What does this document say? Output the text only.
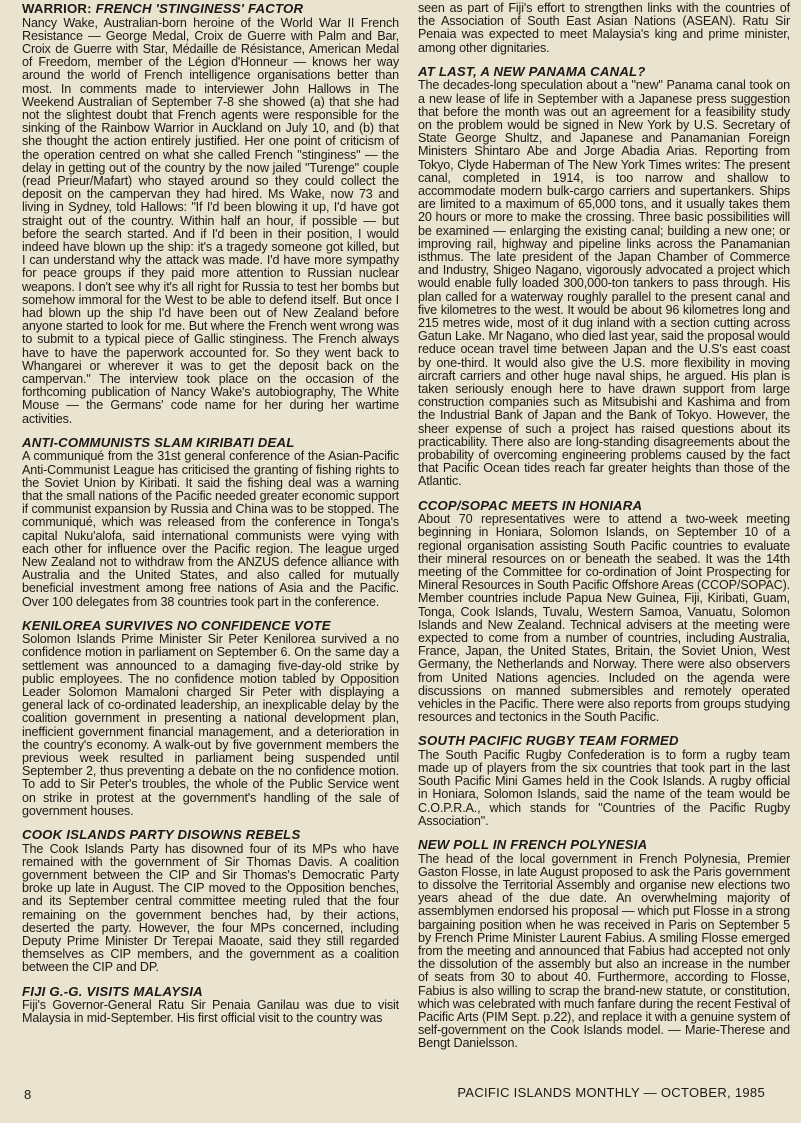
WARRIOR: FRENCH 'STINGINESS' FACTOR

Nancy Wake, Australian-born heroine of the World War II French Resistance — George Medal, Croix de Guerre with Palm and Bar, Croix de Guerre with Star, Médaille de Résistance, American Medal of Freedom, member of the Légion d'Honneur — knows her way around the world of French intelligence organisations better than most. In comments made to interviewer John Hallows in The Weekend Australian of September 7-8 she showed (a) that she had not the slightest doubt that French agents were responsible for the sinking of the Rainbow Warrior in Auckland on July 10, and (b) that she thought the action entirely justified. Her one point of criticism of the operation centred on what she called French "stinginess" — the delay in getting out of the country by the now jailed "Turenge" couple (read Prieur/Mafart) who stayed around so they could collect the deposit on the campervan they had hired. Ms Wake, now 73 and living in Sydney, told Hallows: "If I'd been blowing it up, I'd have got straight out of the country. Within half an hour, if possible — but before the search started. And if I'd been in their position, I would indeed have blown up the ship: it's a tragedy someone got killed, but I can understand why the attack was made. I'd have more sympathy for peace groups if they paid more attention to Russian nuclear weapons. I don't see why it's all right for Russia to test her bombs but somehow immoral for the West to be able to defend itself. But once I had blown up the ship I'd have been out of New Zealand before anyone started to look for me. But where the French went wrong was to submit to a typical piece of Gallic stinginess. The French always have to have the paperwork accounted for. So they went back to Whangarei or wherever it was to get the deposit back on the campervan." The interview took place on the occasion of the forthcoming publication of Nancy Wake's autobiography, The White Mouse — the Germans' code name for her during her wartime activities.

ANTI-COMMUNISTS SLAM KIRIBATI DEAL

A communiqué from the 31st general conference of the Asian-Pacific Anti-Communist League has criticised the granting of fishing rights to the Soviet Union by Kiribati. It said the fishing deal was a warning that the small nations of the Pacific needed greater economic support if communist expansion by Russia and China was to be stopped. The communiqué, which was released from the conference in Tonga's capital Nuku'alofa, said international communists were vying with each other for influence over the Pacific region. The league urged New Zealand not to withdraw from the ANZUS defence alliance with Australia and the United States, and also called for mutually beneficial investment among free nations of Asia and the Pacific. Over 100 delegates from 38 countries took part in the conference.

KENILOREA SURVIVES NO CONFIDENCE VOTE

Solomon Islands Prime Minister Sir Peter Kenilorea survived a no confidence motion in parliament on September 6. On the same day a settlement was announced to a damaging five-day-old strike by public employees. The no confidence motion tabled by Opposition Leader Solomon Mamaloni charged Sir Peter with displaying a general lack of co-ordinated leadership, an inexplicable delay by the coalition government in presenting a national development plan, inefficient government financial management, and a deterioration in the country's economy. A walk-out by five government members the previous week resulted in parliament being suspended until September 2, thus preventing a debate on the no confidence motion. To add to Sir Peter's troubles, the whole of the Public Service went on strike in protest at the government's handling of the sale of government houses.

COOK ISLANDS PARTY DISOWNS REBELS

The Cook Islands Party has disowned four of its MPs who have remained with the government of Sir Thomas Davis. A coalition government between the CIP and Sir Thomas's Democratic Party broke up late in August. The CIP moved to the Opposition benches, and its September central committee meeting ruled that the four remaining on the government benches had, by their actions, deserted the party. However, the four MPs concerned, including Deputy Prime Minister Dr Terepai Maoate, said they still regarded themselves as CIP members, and the government as a coalition between the CIP and DP.

FIJI G.-G. VISITS MALAYSIA

Fiji's Governor-General Ratu Sir Penaia Ganilau was due to visit Malaysia in mid-September. His first official visit to the country was

seen as part of Fiji's effort to strengthen links with the countries of the Association of South East Asian Nations (ASEAN). Ratu Sir Penaia was expected to meet Malaysia's king and prime minister, among other dignitaries.

AT LAST, A NEW PANAMA CANAL?

The decades-long speculation about a "new" Panama canal took on a new lease of life in September with a Japanese press suggestion that before the month was out an agreement for a feasibility study on the problem would be signed in New York by U.S. Secretary of State George Shultz, and Japanese and Panamanian Foreign Ministers Shintaro Abe and Jorge Abadia Arias. Reporting from Tokyo, Clyde Haberman of The New York Times writes: The present canal, completed in 1914, is too narrow and shallow to accommodate modern bulk-cargo carriers and supertankers. Ships are limited to a maximum of 65,000 tons, and it usually takes them 20 hours or more to make the crossing. Three basic possibilities will be examined — enlarging the existing canal; building a new one; or improving rail, highway and pipeline links across the Panamanian isthmus. The late president of the Japan Chamber of Commerce and Industry, Shigeo Nagano, vigorously advocated a project which would enable fully loaded 300,000-ton tankers to pass through. His plan called for a waterway roughly parallel to the present canal and five kilometres to the west. It would be about 96 kilometres long and 215 metres wide, most of it dug inland with a section cutting across Gatun Lake. Mr Nagano, who died last year, said the proposal would reduce ocean travel time between Japan and the U.S's east coast by one-third. It would also give the U.S. more flexibility in moving aircraft carriers and other huge naval ships, he argued. His plan is taken seriously enough here to have drawn support from large construction companies such as Mitsubishi and Kashima and from the Industrial Bank of Japan and the Bank of Tokyo. However, the sheer expense of such a project has raised questions about its practicability. There also are long-standing disagreements about the probability of overcoming engineering problems caused by the fact that Pacific Ocean tides reach far greater heights than those of the Atlantic.

CCOP/SOPAC MEETS IN HONIARA

About 70 representatives were to attend a two-week meeting beginning in Honiara, Solomon Islands, on September 10 of a regional organisation assisting South Pacific countries to evaluate their mineral resources on or beneath the seabed. It was the 14th meeting of the Committee for co-ordination of Joint Prospecting for Mineral Resources in South Pacific Offshore Areas (CCOP/SOPAC). Member countries include Papua New Guinea, Fiji, Kiribati, Guam, Tonga, Cook Islands, Tuvalu, Western Samoa, Vanuatu, Solomon Islands and New Zealand. Technical advisers at the meeting were expected to come from a number of countries, including Australia, France, Japan, the United States, Britain, the Soviet Union, West Germany, the Netherlands and Norway. There were also observers from United Nations agencies. Included on the agenda were discussions on manned submersibles and remotely operated vehicles in the Pacific. There were also reports from groups studying resources and tectonics in the South Pacific.

SOUTH PACIFIC RUGBY TEAM FORMED

The South Pacific Rugby Confederation is to form a rugby team made up of players from the six countries that took part in the last South Pacific Mini Games held in the Cook Islands. A rugby official in Honiara, Solomon Islands, said the name of the team would be C.O.P.R.A., which stands for "Countries of the Pacific Rugby Association".

NEW POLL IN FRENCH POLYNESIA

The head of the local government in French Polynesia, Premier Gaston Flosse, in late August proposed to ask the Paris government to dissolve the Territorial Assembly and organise new elections two years ahead of the due date. An overwhelming majority of assemblymen endorsed his proposal — which put Flosse in a strong bargaining position when he was received in Paris on September 5 by French Prime Minister Laurent Fabius. A smiling Flosse emerged from the meeting and announced that Fabius had accepted not only the dissolution of the assembly but also an increase in the number of seats from 30 to about 40. Furthermore, according to Flosse, Fabius is also willing to scrap the brand-new statute, or constitution, which was celebrated with much fanfare during the recent Festival of Pacific Arts (PIM Sept. p.22), and replace it with a genuine system of self-government on the Cook Islands model. — Marie-Therese and Bengt Danielsson.

8	PACIFIC ISLANDS MONTHLY — OCTOBER, 1985
